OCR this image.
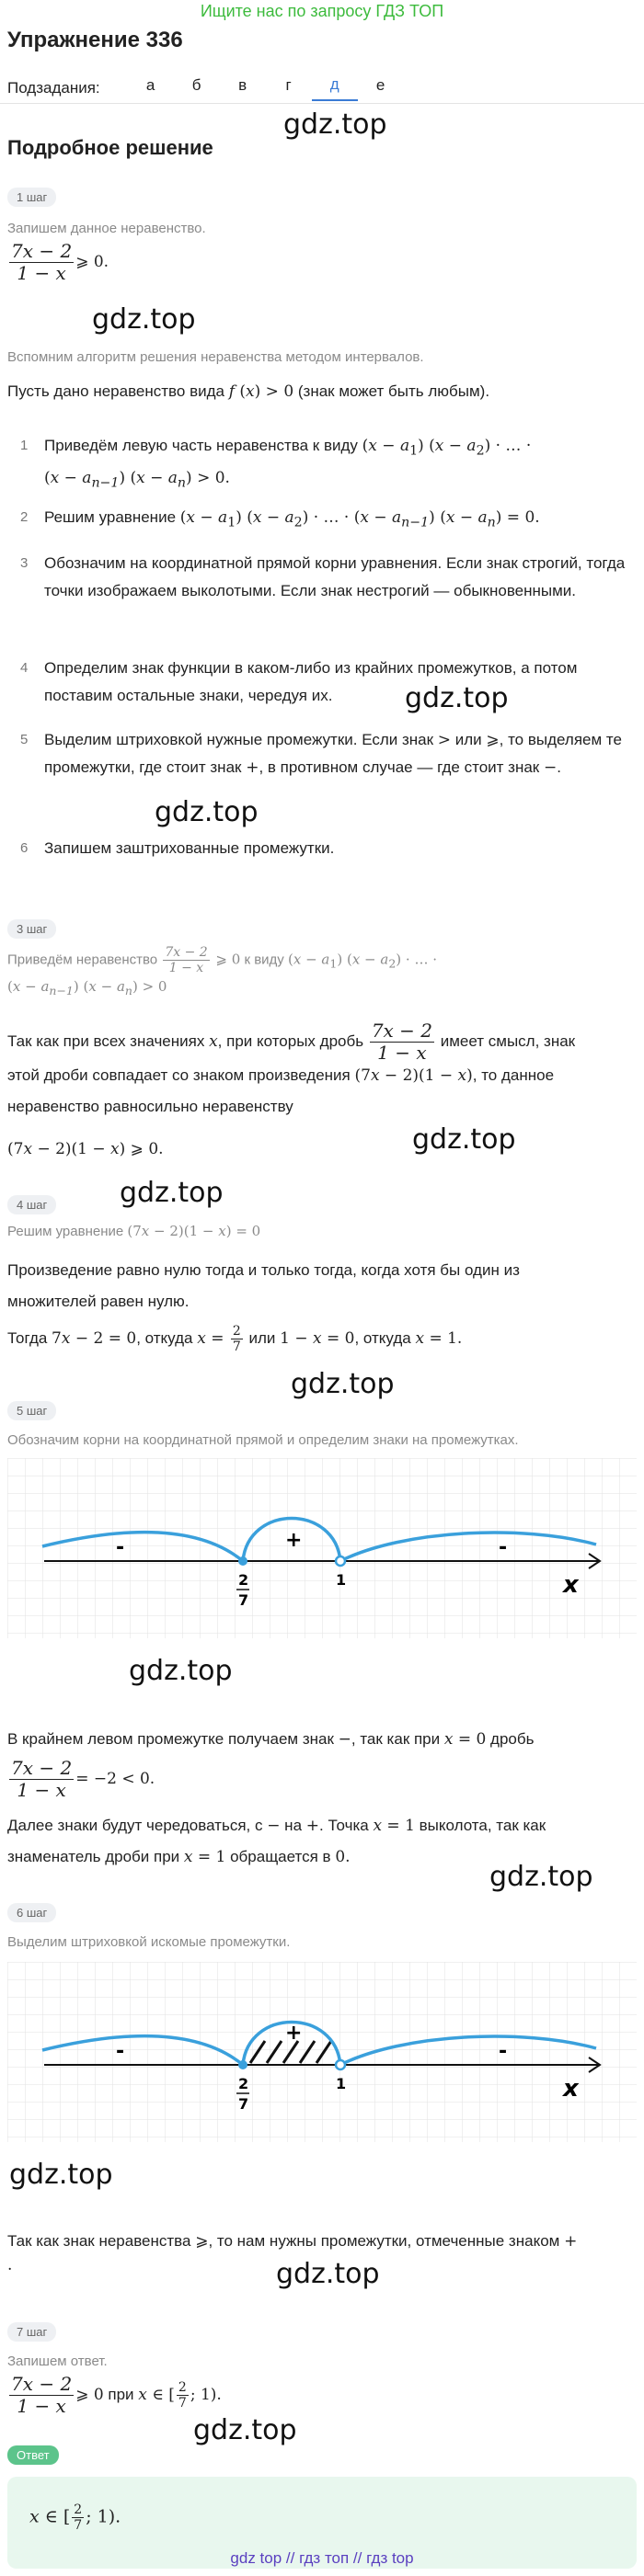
Ищите нас по запросу ГДЗ ТОП
Упражнение 336
Подзадания:	а	б	в	г	д	е
gdz.top
Подробное решение
1 шаг
Запишем данное неравенство.
$\frac{7x - 2}{1 - x}$ ⩾ 0.
gdz.top
Вспомним алгоритм решения неравенства методом интервалов.
Пусть дано неравенство вида f (x) > 0 (знак может быть любым).
1 Приведём левую часть неравенства к виду $(x - a_1)$ $(x - a_2)$ · … ·
$(x - a_{n-1})$ $(x - a_n) > 0$.
2 Решим уравнение $(x - a_1)$ $(x - a_2)$ · … · $(x - a_{n-1})$ $(x - a_n) = 0$.
3 Обозначим на координатной прямой корни уравнения. Если знак строгий, тогда точки изображаем выколотыми. Если знак нестрогий — обыкновенными.
4 Определим знак функции в каком-либо из крайних промежутков, а потом поставим остальные знаки, чередуя их.	gdz.top
5 Выделим штриховкой нужные промежутки. Если знак > или ⩾, то выделяем те промежутки, где стоит знак +, в противном случае — где стоит знак −.
gdz.top
6 Запишем заштрихованные промежутки.
3 шаг
Приведём неравенство $\frac{7x - 2}{1 - x}$ ⩾ 0 к виду $(x - a_1)$ $(x - a_2)$ · … ·
$(x - a_{n-1})$ $(x - a_n) > 0$
Так как при всех значениях x, при которых дробь $\frac{7x - 2}{1 - x}$ имеет смысл, знак
этой дроби совпадает со знаком произведения (7x − 2)(1 − x), то данное
неравенство равносильно неравенству
(7x − 2)(1 − x) ⩾ 0.	gdz.top
gdz.top
4 шаг
Решим уравнение (7x − 2)(1 − x) = 0
Произведение равно нулю тогда и только тогда, когда хотя бы один из
множителей равен нулю.
Тогда 7x − 2 = 0, откуда $x = \frac{2}{7}$ или 1 − x = 0, откуда x = 1.
gdz.top
5 шаг
Обозначим корни на координатной прямой и определим знаки на промежутках.
-	+	-
2
7
1	x
gdz.top
В крайнем левом промежутке получаем знак −, так как при x = 0 дробь
$\frac{7x - 2}{1 - x} = -2 < 0$.
Далее знаки будут чередоваться, с − на +. Точка x = 1 выколота, так как
знаменатель дроби при x = 1 обращается в 0.
gdz.top
6 шаг
Выделим штриховкой искомые промежутки.
-
+
-
2
7
1	x
gdz.top
Так как знак неравенства ⩾, то нам нужны промежутки, отмеченные знаком +
.	gdz.top
7 шаг
Запишем ответ.
$\frac{7x - 2}{1 - x}$ ⩾ 0 при x ∈ [ $\frac{2}{7}$ ; 1).
gdz.top
Ответ
x ∈ [ $\frac{2}{7}$ ; 1).
gdz top // гдз топ // гдз top
